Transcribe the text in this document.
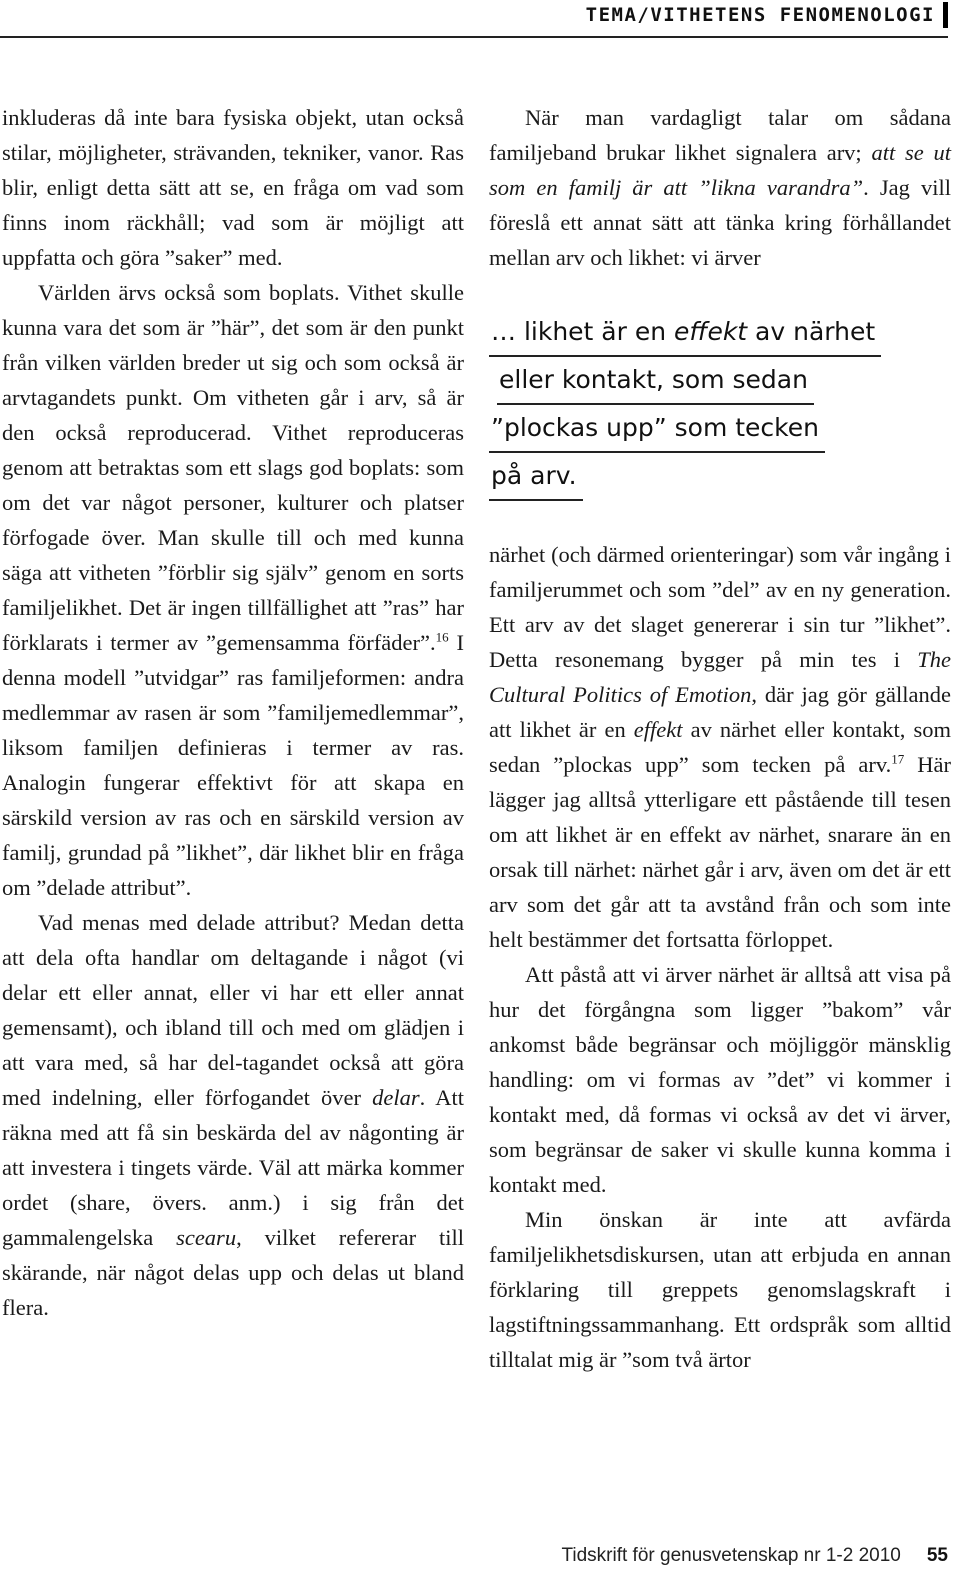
TEMA/VITHETENS FENOMENOLOGI

inkluderas då inte bara fysiska objekt, utan också stilar, möjligheter, strävanden, tekniker, vanor. Ras blir, enligt detta sätt att se, en fråga om vad som finns inom räckhåll; vad som är möjligt att uppfatta och göra ”saker” med.

Världen ärvs också som boplats. Vithet skulle kunna vara det som är ”här”, det som är den punkt från vilken världen breder ut sig och som också är arvtagandets punkt. Om vitheten går i arv, så är den också reproducerad. Vithet reproduceras genom att betraktas som ett slags god boplats: som om det var något personer, kulturer och platser förfogade över. Man skulle till och med kunna säga att vitheten ”förblir sig själv” genom en sorts familjelikhet. Det är ingen tillfällighet att ”ras” har förklarats i termer av ”gemensamma förfäder”.$^{16}$ I denna modell ”utvidgar” ras familjeformen: andra medlemmar av rasen är som ”familjemedlemmar”, liksom familjen definieras i termer av ras. Analogin fungerar effektivt för att skapa en särskild version av ras och en särskild version av familj, grundad på ”likhet”, där likhet blir en fråga om ”delade attribut”.

Vad menas med delade attribut? Medan detta att dela ofta handlar om deltagande i något (vi delar ett eller annat, eller vi har ett eller annat gemensamt), och ibland till och med om glädjen i att vara med, så har del-tagandet också att göra med indelning, eller förfogandet över delar. Att räkna med att få sin beskärda del av någonting är att investera i tingets värde. Väl att märka kommer ordet (share, övers. anm.) i sig från det gammalengelska scearu, vilket refererar till skärande, när något delas upp och delas ut bland flera.

När man vardagligt talar om sådana familjeband brukar likhet signalera arv; att se ut som en familj är att ”likna varandra”. Jag vill föreslå ett annat sätt att tänka kring förhållandet mellan arv och likhet: vi ärver

… likhet är en effekt av närhet
eller kontakt, som sedan
”plockas upp” som tecken
på arv.

närhet (och därmed orienteringar) som vår ingång i familjerummet och som ”del” av en ny generation. Ett arv av det slaget genererar i sin tur ”likhet”. Detta resonemang bygger på min tes i The Cultural Politics of Emotion, där jag gör gällande att likhet är en effekt av närhet eller kontakt, som sedan ”plockas upp” som tecken på arv.$^{17}$ Här lägger jag alltså ytterligare ett påstående till tesen om att likhet är en effekt av närhet, snarare än en orsak till närhet: närhet går i arv, även om det är ett arv som det går att ta avstånd från och som inte helt bestämmer det fortsatta förloppet.

Att påstå att vi ärver närhet är alltså att visa på hur det förgångna som ligger ”bakom” vår ankomst både begränsar och möjliggör mänsklig handling: om vi formas av ”det” vi kommer i kontakt med, då formas vi också av det vi ärver, som begränsar de saker vi skulle kunna komma i kontakt med.

Min önskan är inte att avfärda familjelikhetsdiskursen, utan att erbjuda en annan förklaring till greppets genomslagskraft i lagstiftningssammanhang. Ett ordspråk som alltid tilltalat mig är ”som två ärtor

Tidskrift för genusvetenskap nr 1-2 2010 55
